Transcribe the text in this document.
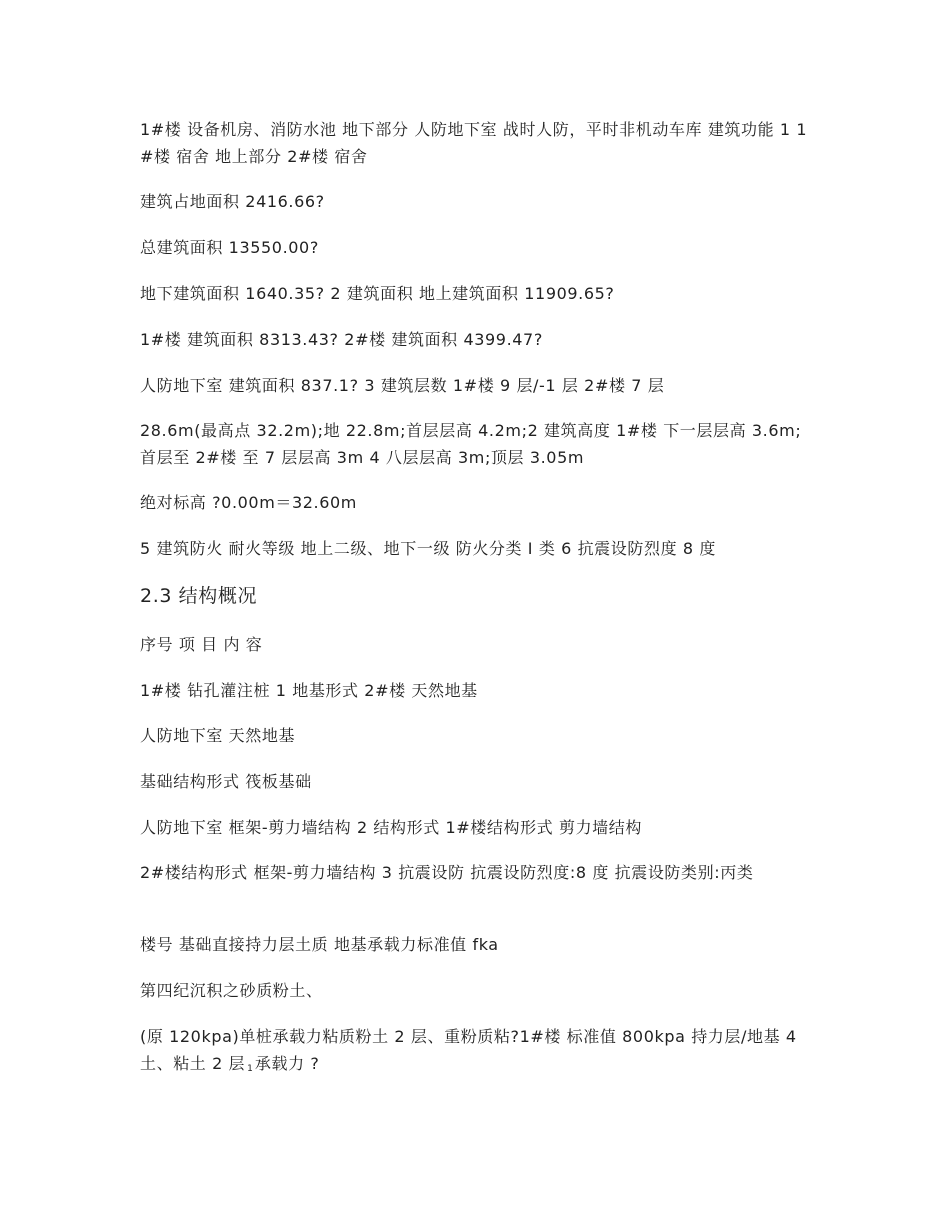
1#楼 设备机房、消防水池 地下部分 人防地下室 战时人防，平时非机动车库 建筑功能 1 1#楼 宿舍 地上部分 2#楼 宿舍
建筑占地面积 2416.66?
总建筑面积 13550.00?
地下建筑面积 1640.35? 2 建筑面积 地上建筑面积 11909.65?
1#楼 建筑面积 8313.43? 2#楼 建筑面积 4399.47?
人防地下室 建筑面积 837.1? 3 建筑层数 1#楼 9 层/-1 层 2#楼 7 层
28.6m(最高点 32.2m);地 22.8m;首层层高 4.2m;2 建筑高度 1#楼 下一层层高 3.6m;首层至 2#楼 至 7 层层高 3m 4 八层层高 3m;顶层 3.05m
绝对标高 ?0.00m＝32.60m
5 建筑防火 耐火等级 地上二级、地下一级 防火分类 I 类 6 抗震设防烈度 8 度
2.3 结构概况
序号 项 目 内 容
1#楼 钻孔灌注桩 1 地基形式 2#楼 天然地基
人防地下室 天然地基
基础结构形式 筏板基础
人防地下室 框架-剪力墙结构 2 结构形式 1#楼结构形式 剪力墙结构
2#楼结构形式 框架-剪力墙结构 3 抗震设防 抗震设防烈度:8 度 抗震设防类别:丙类
楼号 基础直接持力层土质 地基承载力标准值 fka
第四纪沉积之砂质粉土、
(原 120kpa)单桩承载力粘质粉土 2 层、重粉质粘?1#楼 标准值 800kpa 持力层/地基 4 土、粘土 2 层 1 承载力 ?
